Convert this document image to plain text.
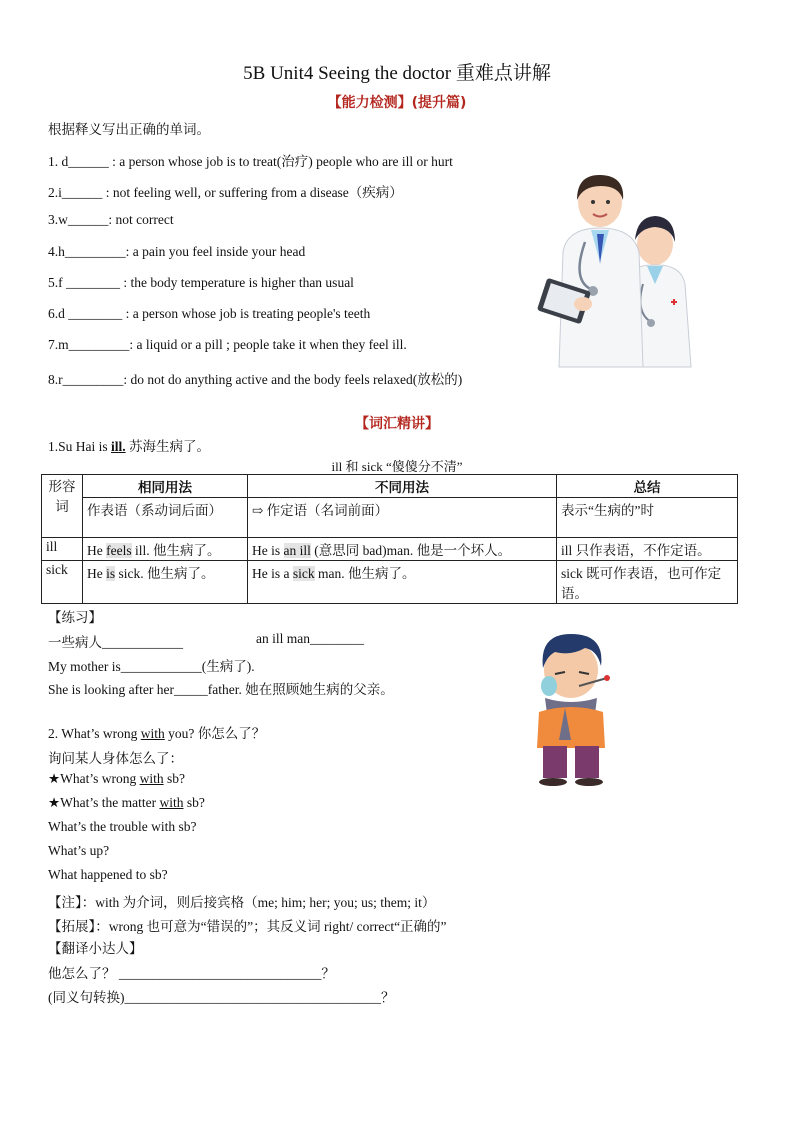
5B Unit4 Seeing the doctor 重难点讲解
【能力检测】(提升篇)
根据释义写出正确的单词。
1. d______ : a person whose job is to treat(治疗) people who are ill or hurt
2.i______ : not feeling well, or suffering from a disease（疾病）
3.w______: not correct
4.h_________: a pain you feel inside your head
5.f ________ : the body temperature is higher than usual
6.d ________ : a person whose job is treating people's teeth
7.m_________: a liquid or a pill ; people take it when they feel ill.
8.r_________: do not do anything active and the body feels relaxed(放松的)
【词汇精讲】
1.Su Hai is ill. 苏海生病了。
ill 和 sick “傻傻分不清”
形容词	相同用法	不同用法	总结
	作表语（系动词后面）	⇨ 作定语（名词前面）	表示“生病的”时
ill	He feels ill. 他生病了。	He is an ill (意思同 bad)man. 他是一个坏人。	ill 只作表语，不作定语。
sick	He is sick. 他生病了。	He is a sick man. 他生病了。	sick 既可作表语，也可作定语。
【练习】
一些病人____________	an ill man________
My mother is____________(生病了).
She is looking after her_____father. 她在照顾她生病的父亲。
2. What’s wrong with you? 你怎么了？
询问某人身体怎么了：
★What’s wrong with sb?
★What’s the matter with sb?
What’s the trouble with sb?
What’s up?
What happened to sb?
【注】：with 为介词，则后接宾格（me; him; her; you; us; them; it）
【拓展】：wrong 也可意为“错误的”；其反义词 right/ correct“正确的”
【翻译小达人】
他怎么了？ ______________________________？
(同义句转换)______________________________________？
